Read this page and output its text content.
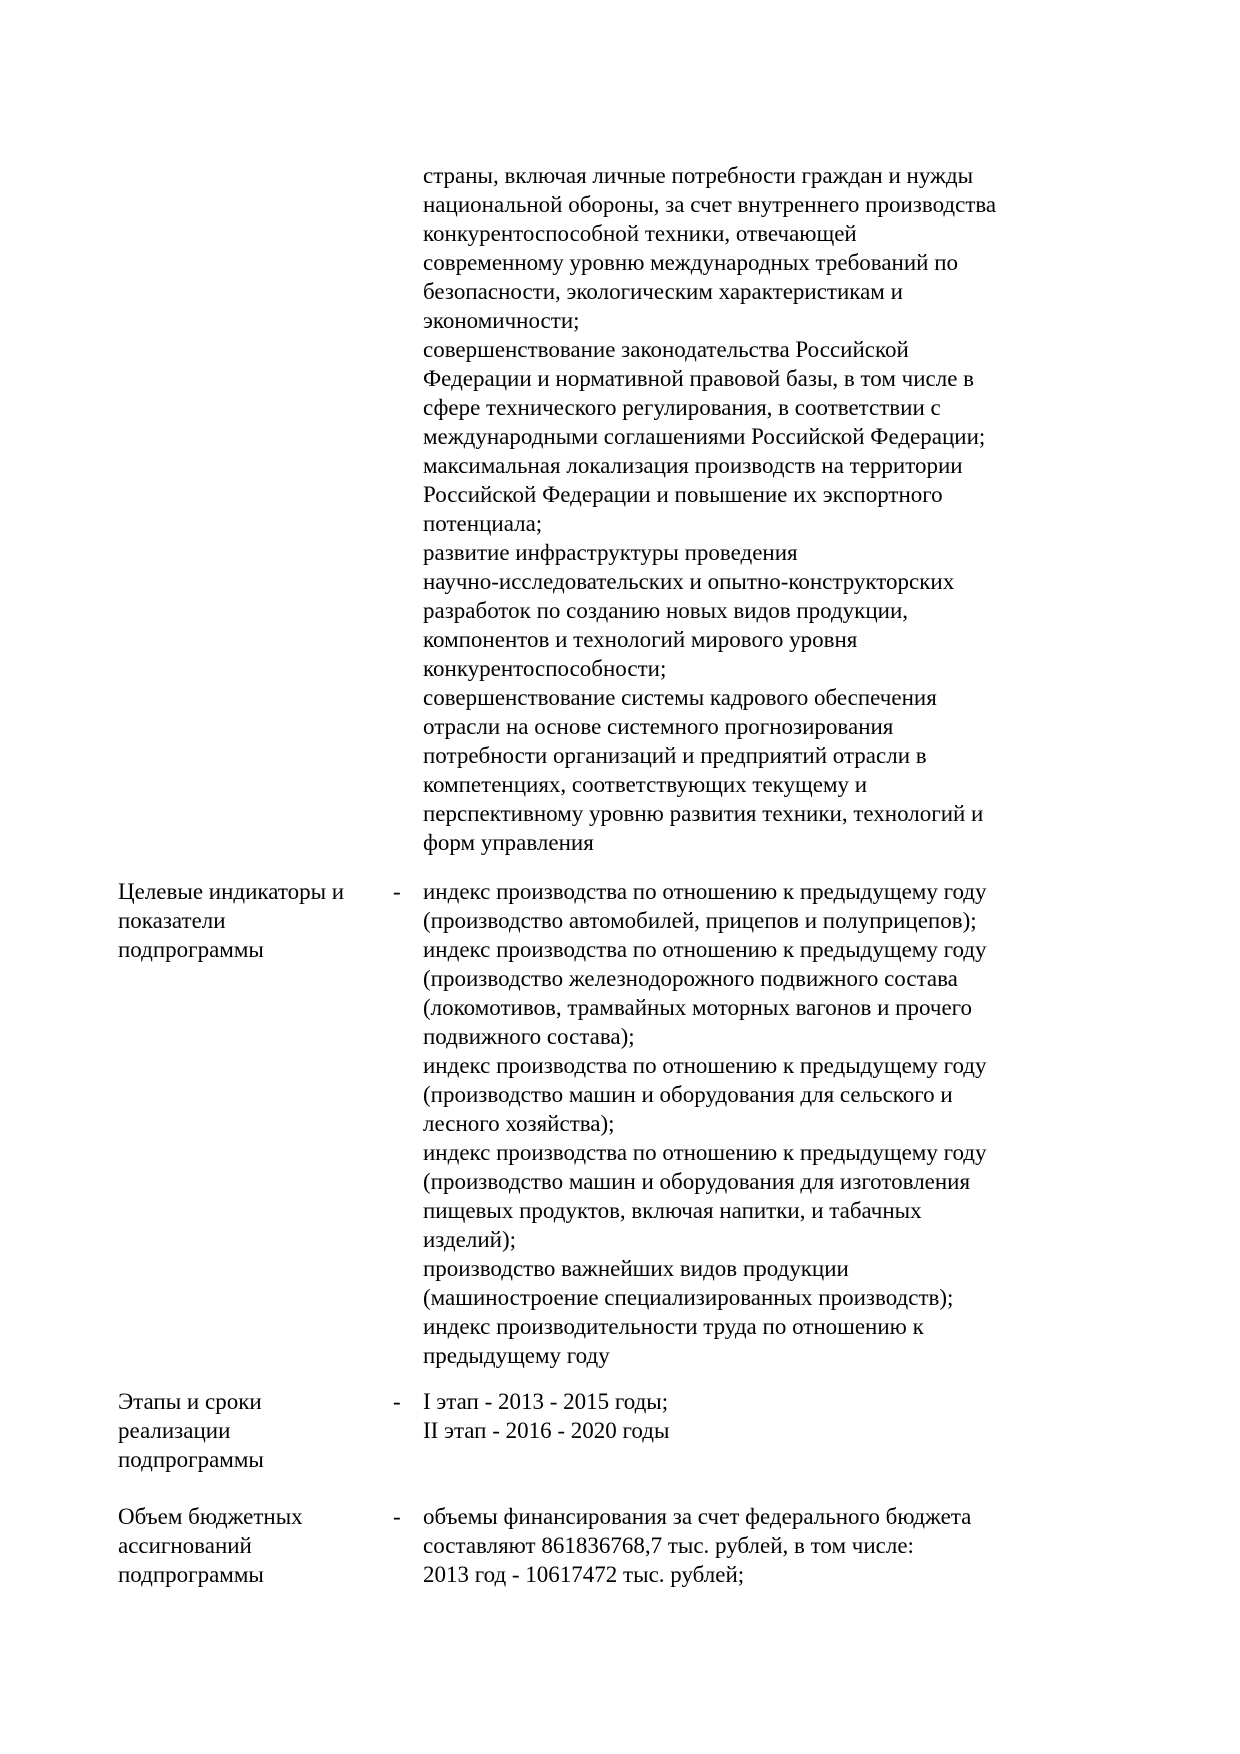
страны, включая личные потребности граждан и нужды
национальной обороны, за счет внутреннего производства
конкурентоспособной техники, отвечающей
современному уровню международных требований по
безопасности, экологическим характеристикам и
экономичности;
совершенствование законодательства Российской
Федерации и нормативной правовой базы, в том числе в
сфере технического регулирования, в соответствии с
международными соглашениями Российской Федерации;
максимальная локализация производств на территории
Российской Федерации и повышение их экспортного
потенциала;
развитие инфраструктуры проведения
научно-исследовательских и опытно-конструкторских
разработок по созданию новых видов продукции,
компонентов и технологий мирового уровня
конкурентоспособности;
совершенствование системы кадрового обеспечения
отрасли на основе системного прогнозирования
потребности организаций и предприятий отрасли в
компетенциях, соответствующих текущему и
перспективному уровню развития техники, технологий и
форм управления
Целевые индикаторы и
показатели
подпрограммы
- индекс производства по отношению к предыдущему году
(производство автомобилей, прицепов и полуприцепов);
индекс производства по отношению к предыдущему году
(производство железнодорожного подвижного состава
(локомотивов, трамвайных моторных вагонов и прочего
подвижного состава);
индекс производства по отношению к предыдущему году
(производство машин и оборудования для сельского и
лесного хозяйства);
индекс производства по отношению к предыдущему году
(производство машин и оборудования для изготовления
пищевых продуктов, включая напитки, и табачных
изделий);
производство важнейших видов продукции
(машиностроение специализированных производств);
индекс производительности труда по отношению к
предыдущему году
Этапы и сроки
реализации
подпрограммы
- I этап - 2013 - 2015 годы;
II этап - 2016 - 2020 годы
Объем бюджетных
ассигнований
подпрограммы
- объемы финансирования за счет федерального бюджета
составляют 861836768,7 тыс. рублей, в том числе:
2013 год - 10617472 тыс. рублей;
